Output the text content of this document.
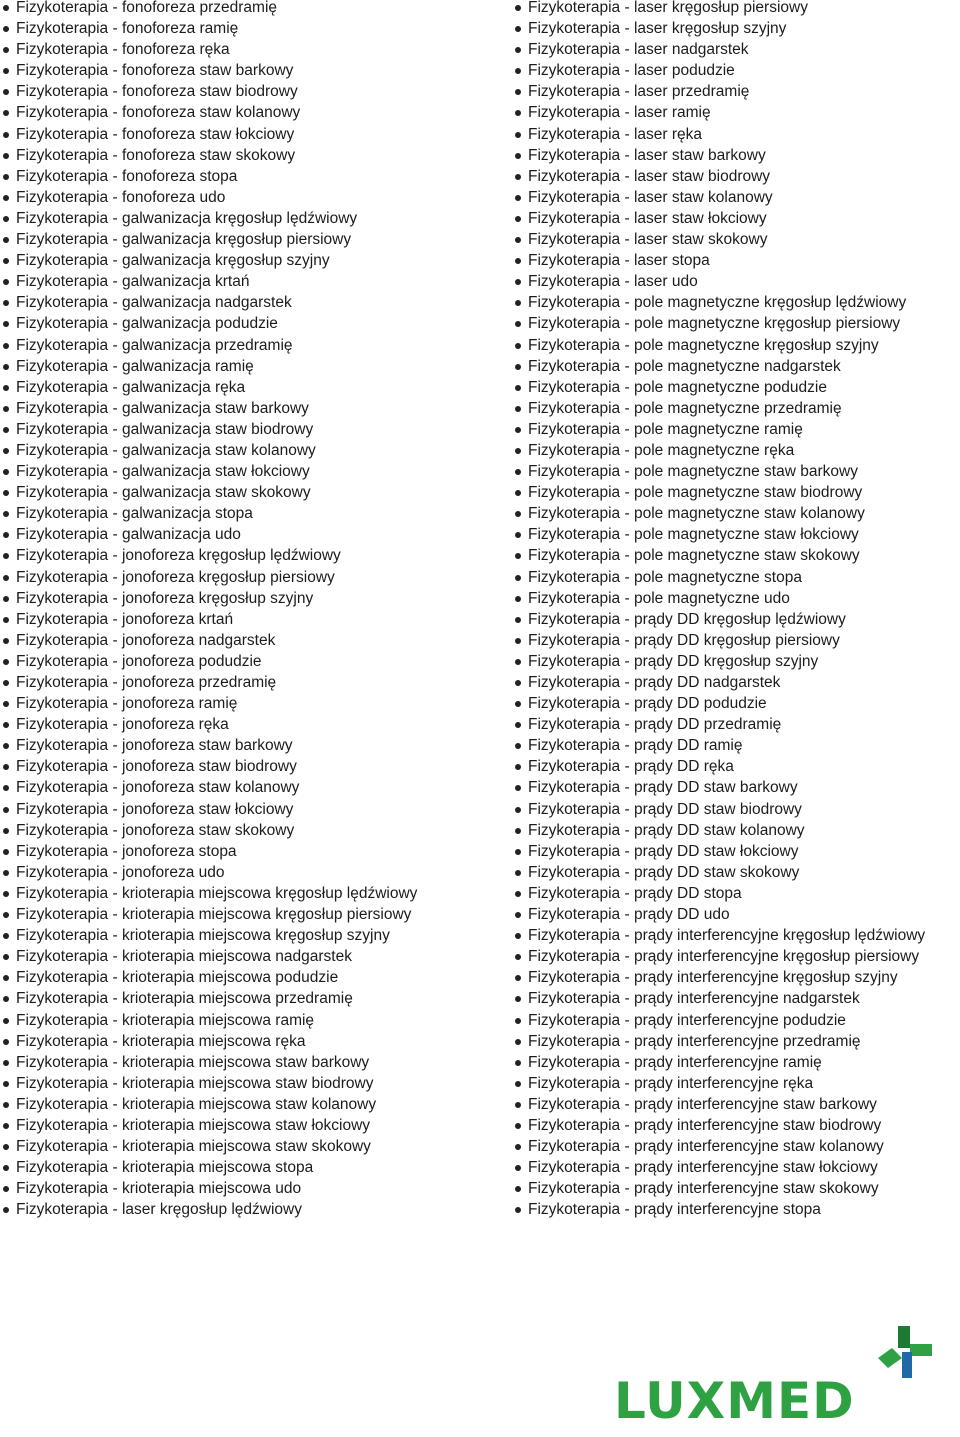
Fizykoterapia - fonoforeza przedramię
Fizykoterapia - fonoforeza ramię
Fizykoterapia - fonoforeza ręka
Fizykoterapia - fonoforeza staw barkowy
Fizykoterapia - fonoforeza staw biodrowy
Fizykoterapia - fonoforeza staw kolanowy
Fizykoterapia - fonoforeza staw łokciowy
Fizykoterapia - fonoforeza staw skokowy
Fizykoterapia - fonoforeza stopa
Fizykoterapia - fonoforeza udo
Fizykoterapia - galwanizacja kręgosłup lędźwiowy
Fizykoterapia - galwanizacja kręgosłup piersiowy
Fizykoterapia - galwanizacja kręgosłup szyjny
Fizykoterapia - galwanizacja krtań
Fizykoterapia - galwanizacja nadgarstek
Fizykoterapia - galwanizacja podudzie
Fizykoterapia - galwanizacja przedramię
Fizykoterapia - galwanizacja ramię
Fizykoterapia - galwanizacja ręka
Fizykoterapia - galwanizacja staw barkowy
Fizykoterapia - galwanizacja staw biodrowy
Fizykoterapia - galwanizacja staw kolanowy
Fizykoterapia - galwanizacja staw łokciowy
Fizykoterapia - galwanizacja staw skokowy
Fizykoterapia - galwanizacja stopa
Fizykoterapia - galwanizacja udo
Fizykoterapia - jonoforeza kręgosłup lędźwiowy
Fizykoterapia - jonoforeza kręgosłup piersiowy
Fizykoterapia - jonoforeza kręgosłup szyjny
Fizykoterapia - jonoforeza krtań
Fizykoterapia - jonoforeza nadgarstek
Fizykoterapia - jonoforeza podudzie
Fizykoterapia - jonoforeza przedramię
Fizykoterapia - jonoforeza ramię
Fizykoterapia - jonoforeza ręka
Fizykoterapia - jonoforeza staw barkowy
Fizykoterapia - jonoforeza staw biodrowy
Fizykoterapia - jonoforeza staw kolanowy
Fizykoterapia - jonoforeza staw łokciowy
Fizykoterapia - jonoforeza staw skokowy
Fizykoterapia - jonoforeza stopa
Fizykoterapia - jonoforeza udo
Fizykoterapia - krioterapia miejscowa kręgosłup lędźwiowy
Fizykoterapia - krioterapia miejscowa kręgosłup piersiowy
Fizykoterapia - krioterapia miejscowa kręgosłup szyjny
Fizykoterapia - krioterapia miejscowa nadgarstek
Fizykoterapia - krioterapia miejscowa podudzie
Fizykoterapia - krioterapia miejscowa przedramię
Fizykoterapia - krioterapia miejscowa ramię
Fizykoterapia - krioterapia miejscowa ręka
Fizykoterapia - krioterapia miejscowa staw barkowy
Fizykoterapia - krioterapia miejscowa staw biodrowy
Fizykoterapia - krioterapia miejscowa staw kolanowy
Fizykoterapia - krioterapia miejscowa staw łokciowy
Fizykoterapia - krioterapia miejscowa staw skokowy
Fizykoterapia - krioterapia miejscowa stopa
Fizykoterapia - krioterapia miejscowa udo
Fizykoterapia - laser kręgosłup lędźwiowy
Fizykoterapia - laser kręgosłup piersiowy
Fizykoterapia - laser kręgosłup szyjny
Fizykoterapia - laser nadgarstek
Fizykoterapia - laser podudzie
Fizykoterapia - laser przedramię
Fizykoterapia - laser ramię
Fizykoterapia - laser ręka
Fizykoterapia - laser staw barkowy
Fizykoterapia - laser staw biodrowy
Fizykoterapia - laser staw kolanowy
Fizykoterapia - laser staw łokciowy
Fizykoterapia - laser staw skokowy
Fizykoterapia - laser stopa
Fizykoterapia - laser udo
Fizykoterapia - pole magnetyczne kręgosłup lędźwiowy
Fizykoterapia - pole magnetyczne kręgosłup piersiowy
Fizykoterapia - pole magnetyczne kręgosłup szyjny
Fizykoterapia - pole magnetyczne nadgarstek
Fizykoterapia - pole magnetyczne podudzie
Fizykoterapia - pole magnetyczne przedramię
Fizykoterapia - pole magnetyczne ramię
Fizykoterapia - pole magnetyczne ręka
Fizykoterapia - pole magnetyczne staw barkowy
Fizykoterapia - pole magnetyczne staw biodrowy
Fizykoterapia - pole magnetyczne staw kolanowy
Fizykoterapia - pole magnetyczne staw łokciowy
Fizykoterapia - pole magnetyczne staw skokowy
Fizykoterapia - pole magnetyczne stopa
Fizykoterapia - pole magnetyczne udo
Fizykoterapia - prądy DD kręgosłup lędźwiowy
Fizykoterapia - prądy DD kręgosłup piersiowy
Fizykoterapia - prądy DD kręgosłup szyjny
Fizykoterapia - prądy DD nadgarstek
Fizykoterapia - prądy DD podudzie
Fizykoterapia - prądy DD przedramię
Fizykoterapia - prądy DD ramię
Fizykoterapia - prądy DD ręka
Fizykoterapia - prądy DD staw barkowy
Fizykoterapia - prądy DD staw biodrowy
Fizykoterapia - prądy DD staw kolanowy
Fizykoterapia - prądy DD staw łokciowy
Fizykoterapia - prądy DD staw skokowy
Fizykoterapia - prądy DD stopa
Fizykoterapia - prądy DD udo
Fizykoterapia - prądy interferencyjne kręgosłup lędźwiowy
Fizykoterapia - prądy interferencyjne kręgosłup piersiowy
Fizykoterapia - prądy interferencyjne kręgosłup szyjny
Fizykoterapia - prądy interferencyjne nadgarstek
Fizykoterapia - prądy interferencyjne podudzie
Fizykoterapia - prądy interferencyjne przedramię
Fizykoterapia - prądy interferencyjne ramię
Fizykoterapia - prądy interferencyjne ręka
Fizykoterapia - prądy interferencyjne staw barkowy
Fizykoterapia - prądy interferencyjne staw biodrowy
Fizykoterapia - prądy interferencyjne staw kolanowy
Fizykoterapia - prądy interferencyjne staw łokciowy
Fizykoterapia - prądy interferencyjne staw skokowy
Fizykoterapia - prądy interferencyjne stopa
LUXMED
